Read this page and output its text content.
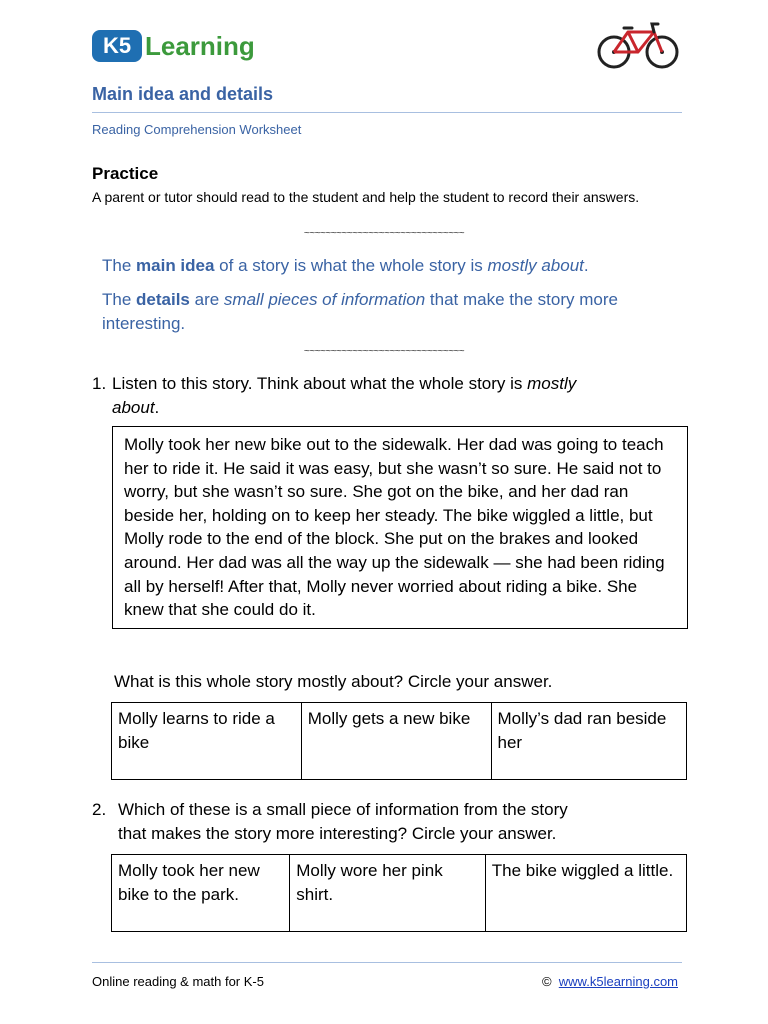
K5 Learning
Main idea and details
Reading Comprehension Worksheet
Practice
A parent or tutor should read to the student and help the student to record their answers.
~~~~~~~~~~~~~~~~~~~~~~~~~~~~~~
The main idea of a story is what the whole story is mostly about.
The details are small pieces of information that make the story more interesting.
~~~~~~~~~~~~~~~~~~~~~~~~~~~~~~
1. Listen to this story. Think about what the whole story is mostly
about.
Molly took her new bike out to the sidewalk. Her dad was going to teach her to ride it. He said it was easy, but she wasn’t so sure. He said not to worry, but she wasn’t so sure. She got on the bike, and her dad ran beside her, holding on to keep her steady. The bike wiggled a little, but Molly rode to the end of the block. She put on the brakes and looked around. Her dad was all the way up the sidewalk — she had been riding all by herself! After that, Molly never worried about riding a bike. She knew that she could do it.
What is this whole story mostly about? Circle your answer.
Molly learns to ride a bike	Molly gets a new bike	Molly’s dad ran beside her
2. Which of these is a small piece of information from the story
that makes the story more interesting? Circle your answer.
Molly took her new bike to the park.	Molly wore her pink shirt.	The bike wiggled a little.
Online reading & math for K-5	© www.k5learning.com
